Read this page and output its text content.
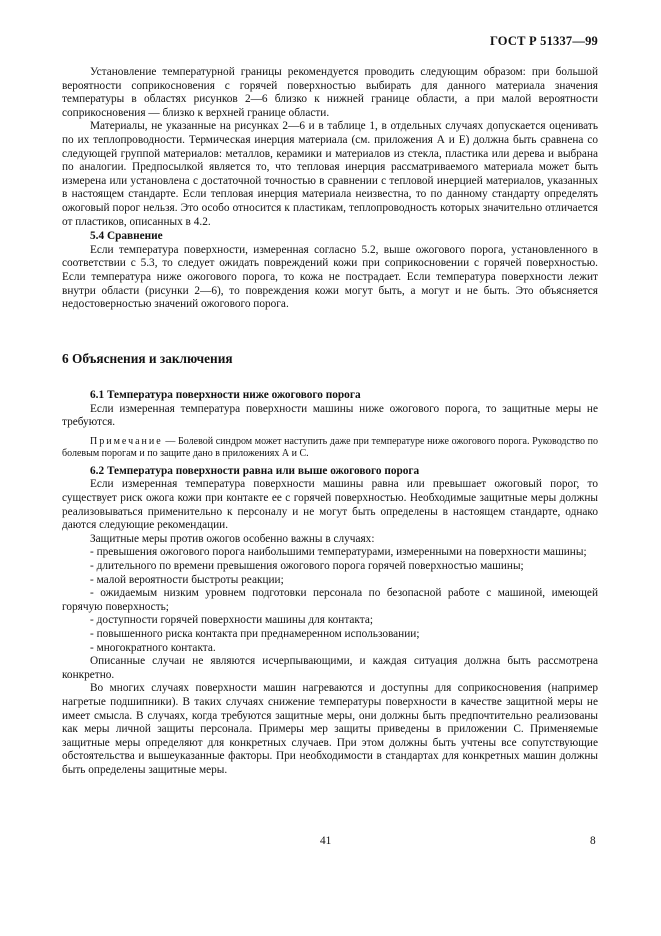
ГОСТ Р 51337—99

Установление температурной границы рекомендуется проводить следующим образом: при большой вероятности соприкосновения с горячей поверхностью выбирать для данного материала значения температуры в областях рисунков 2—6 близко к нижней границе области, а при малой вероятности соприкосновения — близко к верхней границе области.

Материалы, не указанные на рисунках 2—6 и в таблице 1, в отдельных случаях допускается оценивать по их теплопроводности. Термическая инерция материала (см. приложения А и Е) должна быть сравнена со следующей группой материалов: металлов, керамики и материалов из стекла, пластика или дерева и выбрана по аналогии. Предпосылкой является то, что тепловая инерция рассматриваемого материала может быть измерена или установлена с достаточной точностью в сравнении с тепловой инерцией материалов, указанных в настоящем стандарте. Если тепловая инерция материала неизвестна, то по данному стандарту определять ожоговый порог нельзя. Это особо относится к пластикам, теплопроводность которых значительно отличается от пластиков, описанных в 4.2.

5.4 Сравнение

Если температура поверхности, измеренная согласно 5.2, выше ожогового порога, установленного в соответствии с 5.3, то следует ожидать повреждений кожи при соприкосновении с горячей поверхностью. Если температура ниже ожогового порога, то кожа не пострадает. Если температура поверхности лежит внутри области (рисунки 2—6), то повреждения кожи могут быть, а могут и не быть. Это объясняется недостоверностью значений ожогового порога.

6 Объяснения и заключения

6.1 Температура поверхности ниже ожогового порога

Если измеренная температура поверхности машины ниже ожогового порога, то защитные меры не требуются.

Примечание — Болевой синдром может наступить даже при температуре ниже ожогового порога. Руководство по болевым порогам и по защите дано в приложениях А и С.

6.2 Температура поверхности равна или выше ожогового порога

Если измеренная температура поверхности машины равна или превышает ожоговый порог, то существует риск ожога кожи при контакте ее с горячей поверхностью. Необходимые защитные меры должны реализовываться применительно к персоналу и не могут быть определены в настоящем стандарте, однако даются следующие рекомендации.

Защитные меры против ожогов особенно важны в случаях:

- превышения ожогового порога наибольшими температурами, измеренными на поверхности машины;

- длительного по времени превышения ожогового порога горячей поверхностью машины;

- малой вероятности быстроты реакции;

- ожидаемым низким уровнем подготовки персонала по безопасной работе с машиной, имеющей горячую поверхность;

- доступности горячей поверхности машины для контакта;

- повышенного риска контакта при преднамеренном использовании;

- многократного контакта.

Описанные случаи не являются исчерпывающими, и каждая ситуация должна быть рассмотрена конкретно.

Во многих случаях поверхности машин нагреваются и доступны для соприкосновения (например нагретые подшипники). В таких случаях снижение температуры поверхности в качестве защитной меры не имеет смысла. В случаях, когда требуются защитные меры, они должны быть предпочтительно реализованы как меры личной защиты персонала. Примеры мер защиты приведены в приложении С. Применяемые защитные меры определяют для конкретных случаев. При этом должны быть учтены все сопутствующие обстоятельства и вышеуказанные факторы. При необходимости в стандартах для конкретных машин должны быть определены защитные меры.

41	8
